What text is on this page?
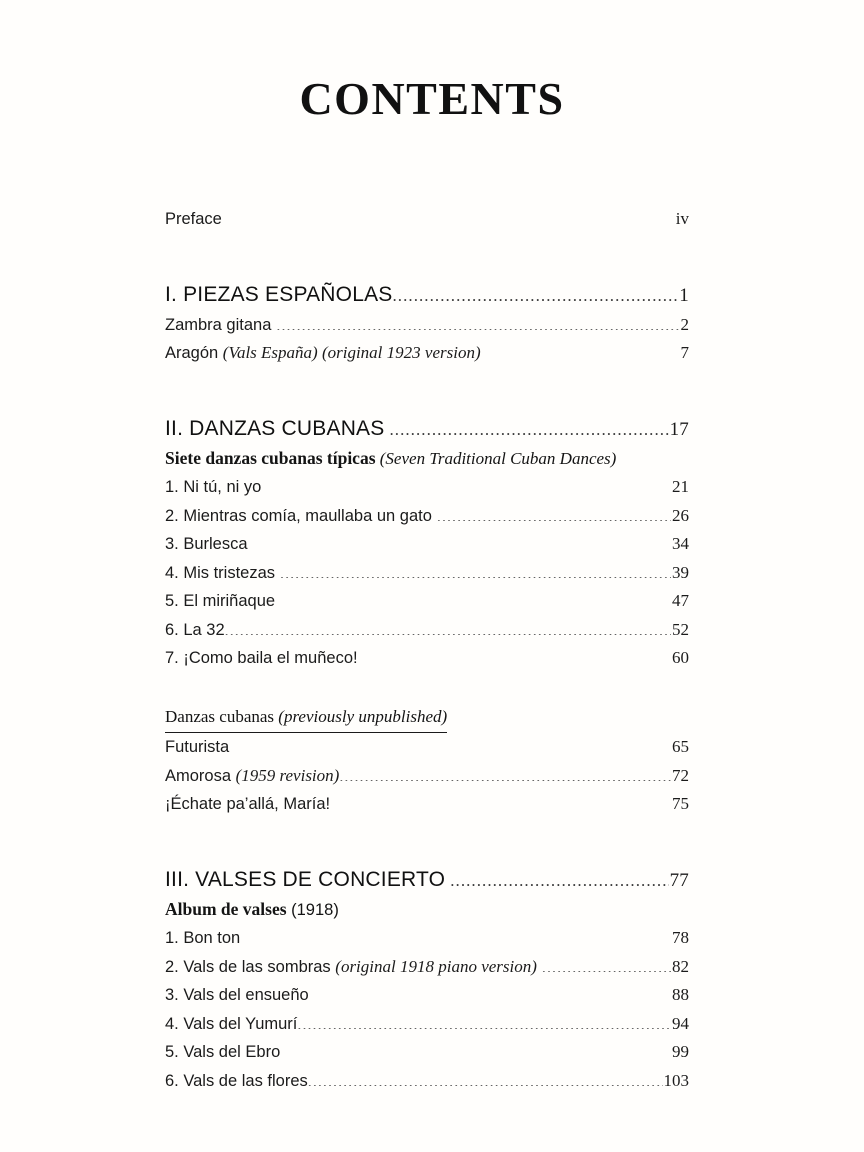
CONTENTS
Preface .....	iv
I. PIEZAS ESPAÑOLAS .....	1
Zambra gitana .....	2
Aragón (Vals España) (original 1923 version) .....	7
II. DANZAS CUBANAS .....	17
Siete danzas cubanas típicas (Seven Traditional Cuban Dances)
1. Ni tú, ni yo .....	21
2. Mientras comía, maullaba un gato .....	26
3. Burlesca .....	34
4. Mis tristezas .....	39
5. El miriñaque .....	47
6. La 32 .....	52
7. ¡Como baila el muñeco! .....	60
Danzas cubanas (previously unpublished)
Futurista .....	65
Amorosa (1959 revision) .....	72
¡Échate pa’allá, María! .....	75
III. VALSES DE CONCIERTO .....	77
Album de valses (1918)
1. Bon ton .....	78
2. Vals de las sombras (original 1918 piano version) .....	82
3. Vals del ensueño .....	88
4. Vals del Yumurí .....	94
5. Vals del Ebro .....	99
6. Vals de las flores .....	103
